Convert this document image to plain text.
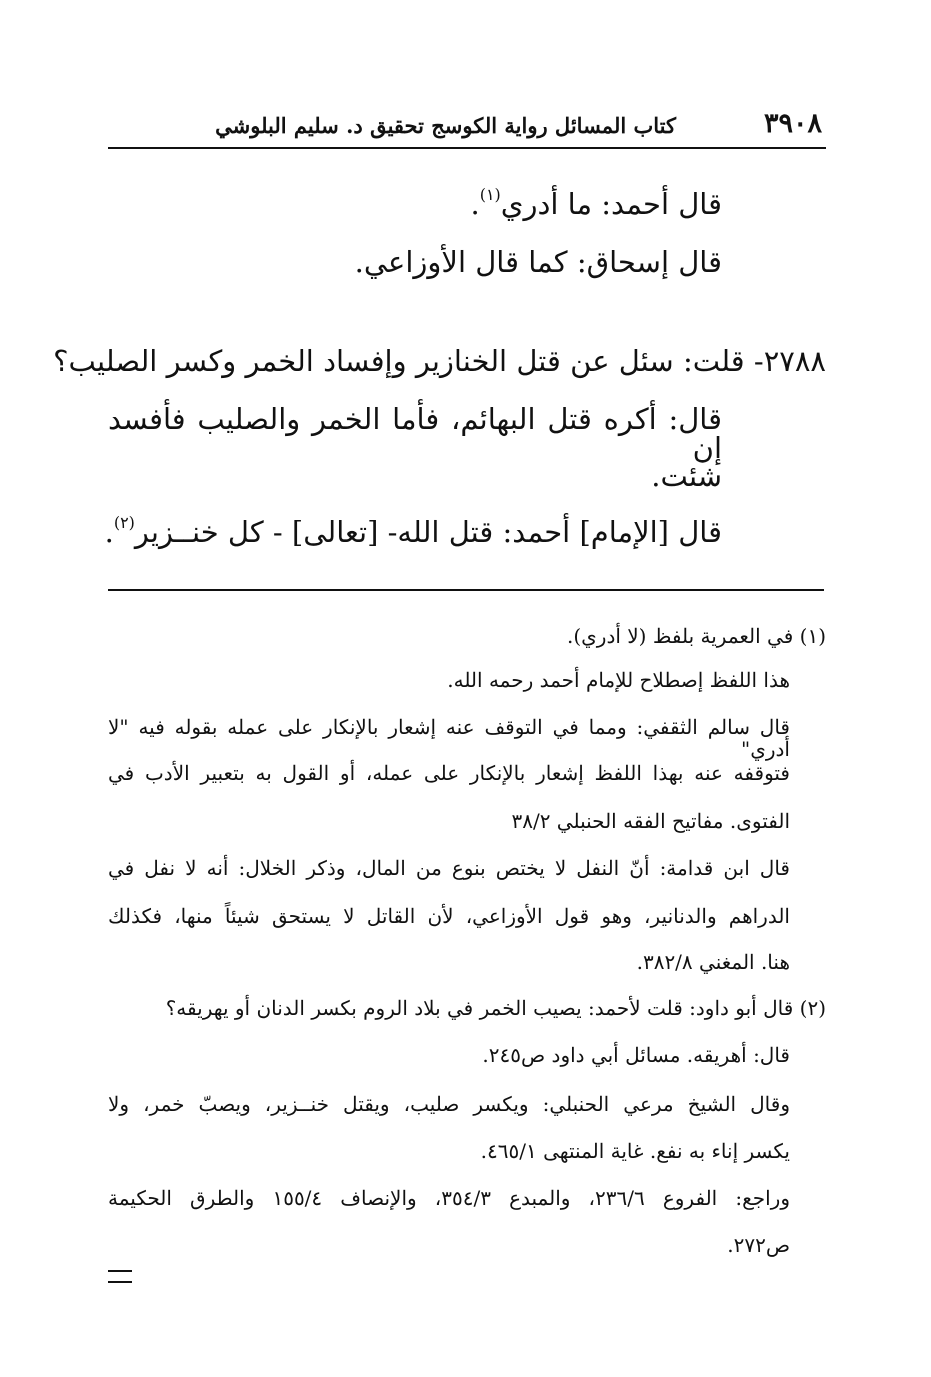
٣٩٠٨
كتاب المسائل رواية الكوسج تحقيق د. سليم البلوشي
قال أحمد: ما أدري$^{(١)}$.
قال إسحاق: كما قال الأوزاعي.
٢٧٨٨- قلت: سئل عن قتل الخنازير وإفساد الخمر وكسر الصليب؟
قال: أكره قتل البهائم، فأما الخمر والصليب فأفسد إن
شئت.
قال [الإمام] أحمد: قتل الله- [تعالى] - كل خنــزير$^{(٢)}$.
(١) في العمرية بلفظ (لا أدري).
هذا اللفظ إصطلاح للإمام أحمد رحمه الله.
قال سالم الثقفي: ومما في التوقف عنه إشعار بالإنكار على عمله بقوله فيه "لا أدري"
فتوقفه عنه بهذا اللفظ إشعار بالإنكار على عمله، أو القول به بتعبير الأدب في
الفتوى. مفاتيح الفقه الحنبلي ٣٨/٢
قال ابن قدامة: أنّ النفل لا يختص بنوع من المال، وذكر الخلال: أنه لا نفل في
الدراهم والدنانير، وهو قول الأوزاعي، لأن القاتل لا يستحق شيئاً منها، فكذلك
هنا. المغني ٣٨٢/٨.
(٢) قال أبو داود: قلت لأحمد: يصيب الخمر في بلاد الروم بكسر الدنان أو يهريقه؟
قال: أهريقه. مسائل أبي داود ص٢٤٥.
وقال الشيخ مرعي الحنبلي: ويكسر صليب، ويقتل خنــزير، ويصبّ خمر، ولا
يكسر إناء به نفع. غاية المنتهى ٤٦٥/١.
وراجع: الفروع ٢٣٦/٦، والمبدع ٣٥٤/٣، والإنصاف ١٥٥/٤ والطرق الحكيمة
ص٢٧٢.
